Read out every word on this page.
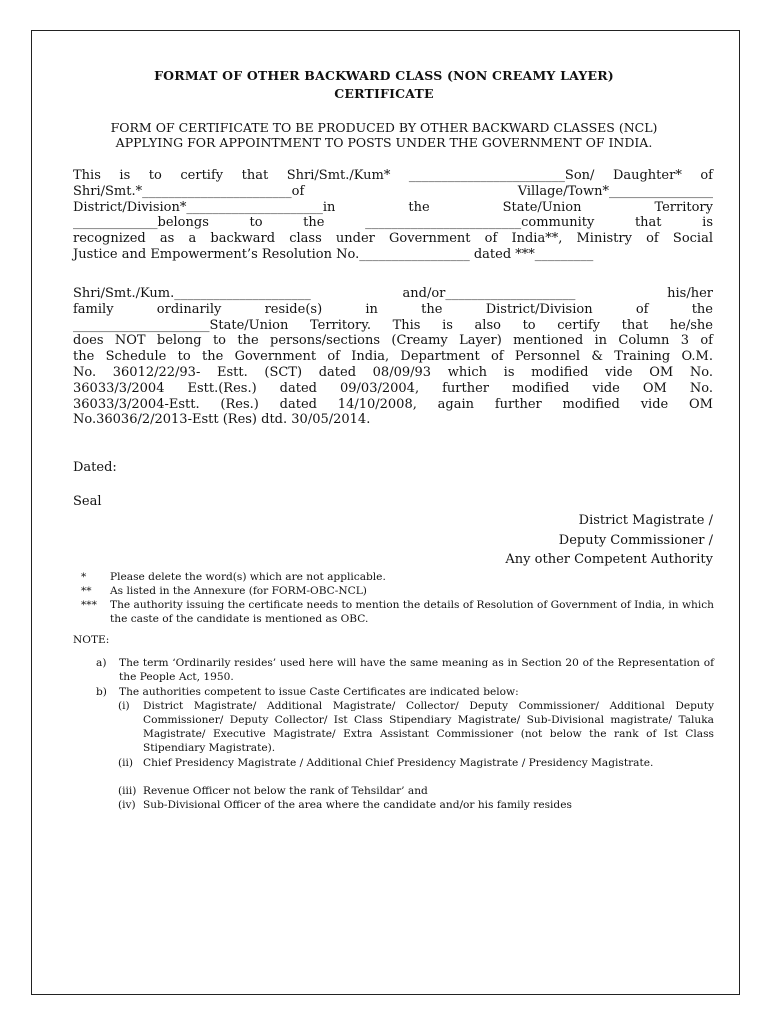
FORMAT OF OTHER BACKWARD CLASS (NON CREAMY LAYER)
CERTIFICATE
FORM OF CERTIFICATE TO BE PRODUCED BY OTHER BACKWARD CLASSES (NCL)
APPLYING FOR APPOINTMENT TO POSTS UNDER THE GOVERNMENT OF INDIA.
This is to certify that Shri/Smt./Kum* ________________________Son/ Daughter* of
Shri/Smt.*_______________________of Village/Town*________________
District/Division*_____________________in the State/Union Territory
_____________belongs to the ________________________community that is
recognized as a backward class under Government of India**, Ministry of Social
Justice and Empowerment’s Resolution No._________________ dated ***_________
Shri/Smt./Kum._____________________ and/or____________________ his/her
family ordinarily reside(s) in the District/Division of the
_____________________State/Union Territory. This is also to certify that he/she
does NOT belong to the persons/sections (Creamy Layer) mentioned in Column 3 of
the Schedule to the Government of India, Department of Personnel & Training O.M.
No. 36012/22/93- Estt. (SCT) dated 08/09/93 which is modified vide OM No.
36033/3/2004 Estt.(Res.) dated 09/03/2004, further modified vide OM No.
36033/3/2004-Estt. (Res.) dated 14/10/2008, again further modified vide OM
No.36036/2/2013-Estt (Res) dtd. 30/05/2014.
Dated:
Seal
District Magistrate /
Deputy Commissioner /
Any other Competent Authority
*	Please delete the word(s) which are not applicable.
**	As listed in the Annexure (for FORM-OBC-NCL)
***	The authority issuing the certificate needs to mention the details of Resolution of Government of India, in which the caste of the candidate is mentioned as OBC.
NOTE:
a) The term ‘Ordinarily resides’ used here will have the same meaning as in Section 20 of the Representation of the People Act, 1950.
b) The authorities competent to issue Caste Certificates are indicated below:
(i) District Magistrate/ Additional Magistrate/ Collector/ Deputy Commissioner/ Additional Deputy Commissioner/ Deputy Collector/ Ist Class Stipendiary Magistrate/ Sub-Divisional magistrate/ Taluka Magistrate/ Executive Magistrate/ Extra Assistant Commissioner (not below the rank of Ist Class Stipendiary Magistrate).
(ii) Chief Presidency Magistrate / Additional Chief Presidency Magistrate / Presidency Magistrate.
(iii) Revenue Officer not below the rank of Tehsildar’ and
(iv) Sub-Divisional Officer of the area where the candidate and/or his family resides
